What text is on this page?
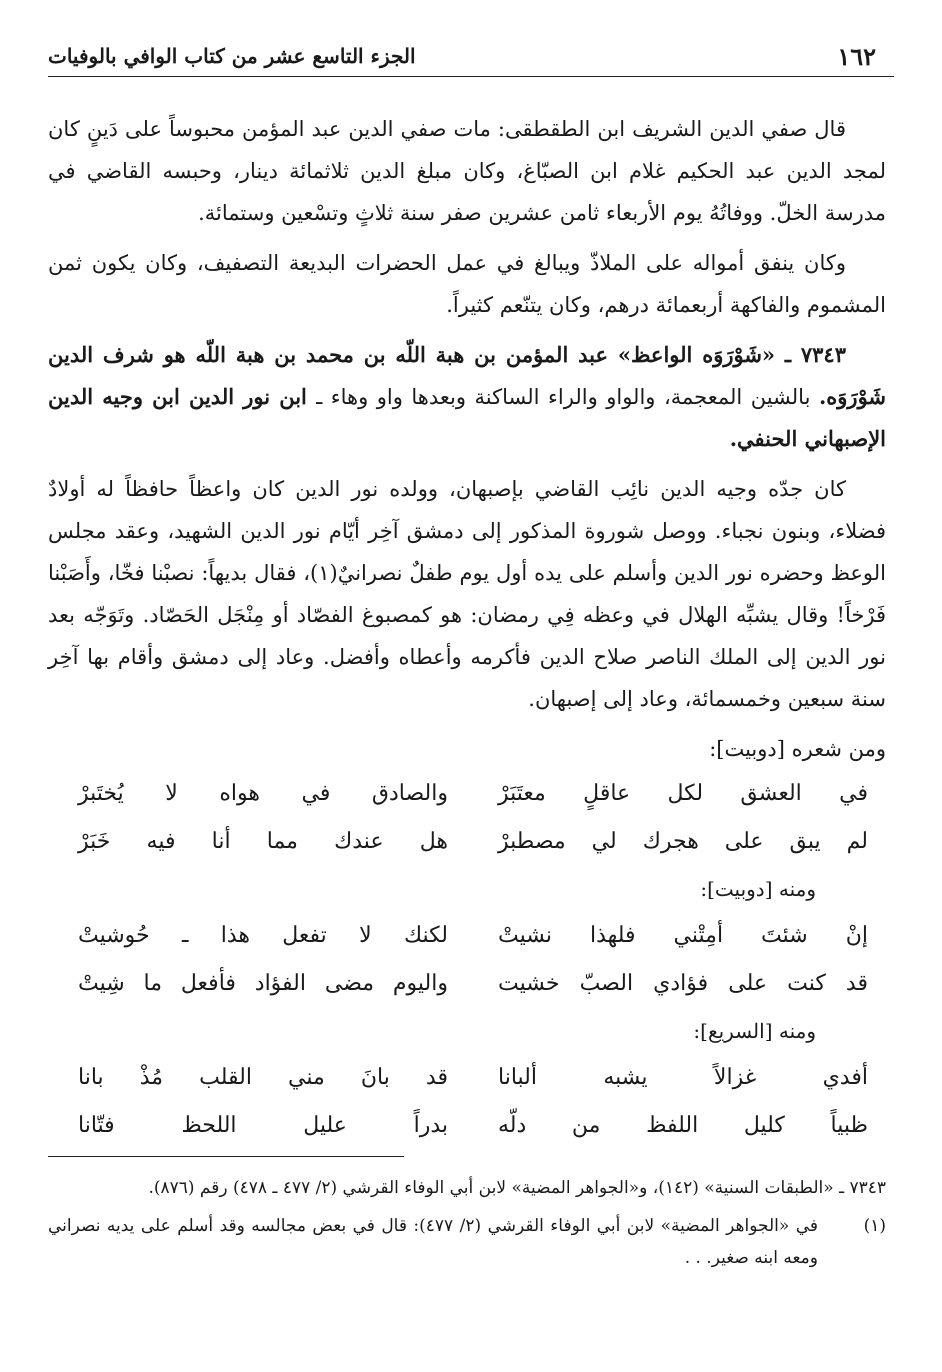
١٦٢
الجزء التاسع عشر من كتاب الوافي بالوفيات

قال صفي الدين الشريف ابن الطقطقى: مات صفي الدين عبد المؤمن محبوساً على دَينٍ كان لمجد الدين عبد الحكيم غلام ابن الصبّاغ، وكان مبلغ الدين ثلاثمائة دينار، وحبسه القاضي في مدرسة الخلّ. ووفاتُهُ يوم الأربعاء ثامن عشرين صفر سنة ثلاثٍ وتسْعين وستمائة.

وكان ينفق أمواله على الملاذّ ويبالغ في عمل الحضرات البديعة التصفيف، وكان يكون ثمن المشموم والفاكهة أربعمائة درهم، وكان يتنّعم كثيراً.

٧٣٤٣ ـ «شَوْرَوَه الواعظ» عبد المؤمن بن هبة اللّه بن محمد بن هبة اللّه هو شرف الدين شَوْرَوَه. بالشين المعجمة، والواو والراء الساكنة وبعدها واو وهاء ـ ابن نور الدين ابن وجيه الدين الإصبهاني الحنفي.

كان جدّه وجيه الدين نائِب القاضي بإصبهان، وولده نور الدين كان واعظاً حافظاً له أولادٌ فضلاء، وبنون نجباء. ووصل شوروة المذكور إلى دمشق آخِر أيّام نور الدين الشهيد، وعقد مجلس الوعظ وحضره نور الدين وأسلم على يده أول يوم طفلٌ نصرانيٌ(١)، فقال بديهاً: نصبْنا فخّا، وأَصَبْنا فَرْخاً! وقال يشبِّه الهلال في وعظه فِي رمضان: هو كمصبوغ الفصّاد أو مِنْجَل الحَصّاد. وتَوَجّه بعد نور الدين إلى الملك الناصر صلاح الدين فأكرمه وأعطاه وأفضل. وعاد إلى دمشق وأقام بها آخِر سنة سبعين وخمسمائة، وعاد إلى إصبهان.

ومن شعره [دوبيت]:

في العشق لكل عاقلٍ معتَبَرْ
والصادق في هواه لا يُختَبرْ
لم يبق على هجرك لي مصطبرْ
هل عندك مما أنا فيه خَبَرْ
ومنه [دوبيت]:
إنْ شئتَ أمِتْني فلهذا نشيتْ
لكنك لا تفعل هذا ـ حُوشيتْ
قد كنت على فؤادي الصبّ خشيت
واليوم مضى الفؤاد فأفعل ما شِيتْ
ومنه [السريع]:
أفدي غزالاً يشبه ألبانا
قد بانَ مني القلب مُذْ بانا
ظبياً كليل اللفظ من دلّه
بدراً عليل اللحظ فتّانا

٧٣٤٣ ـ «الطبقات السنية» (١٤٢)، و«الجواهر المضية» لابن أبي الوفاء القرشي (٢/ ٤٧٧ ـ ٤٧٨) رقم (٨٧٦).

(١)
في «الجواهر المضية» لابن أبي الوفاء القرشي (٢/ ٤٧٧): قال في بعض مجالسه وقد أسلم على يديه نصراني ومعه ابنه صغير. . .
